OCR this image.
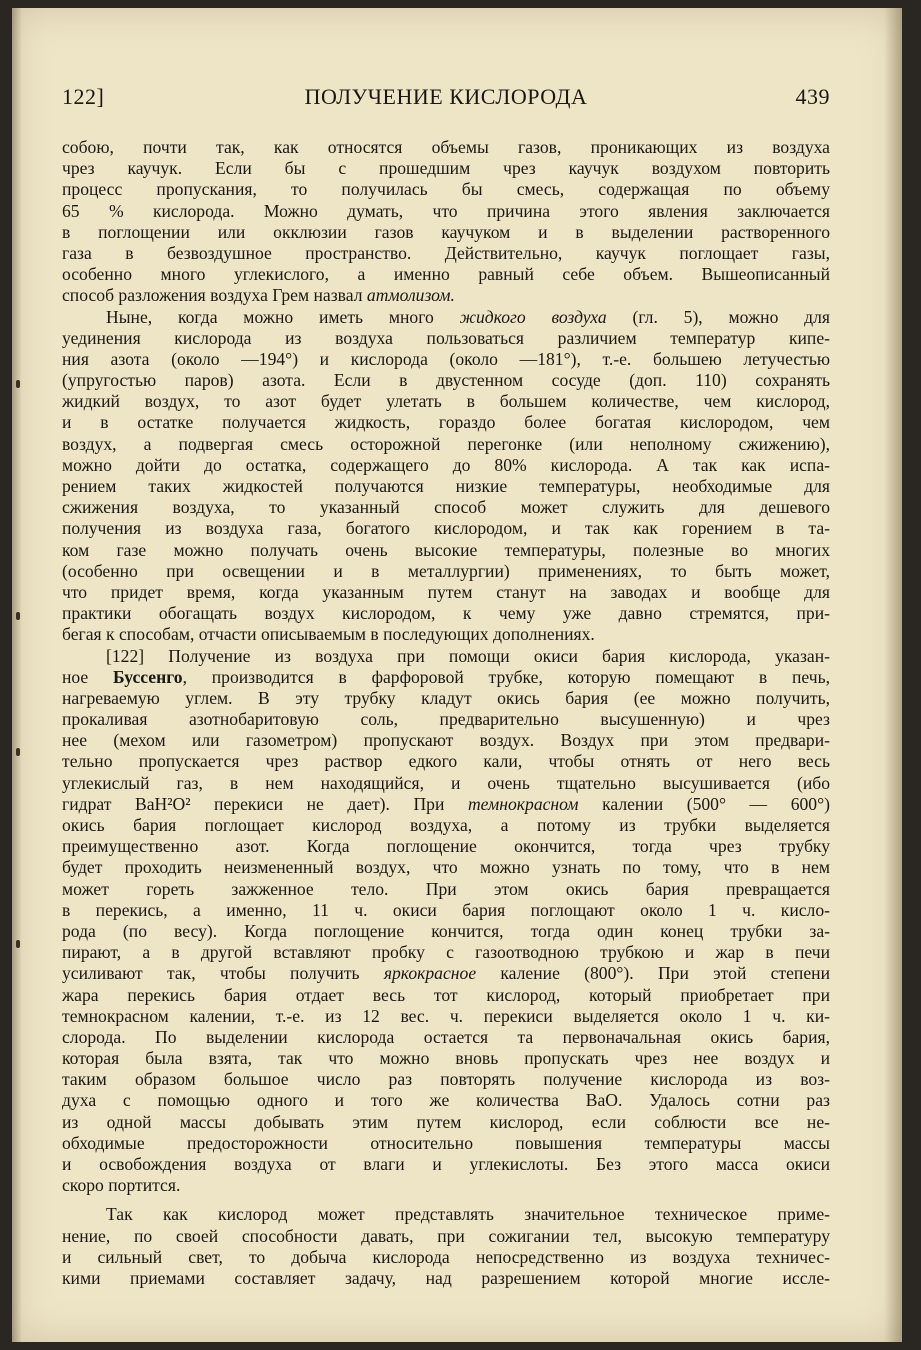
122]	ПОЛУЧЕНИЕ КИСЛОРОДА	439
собою, почти так, как относятся объемы газов, проникающих из воздуха
чрез каучук. Если бы с прошедшим чрез каучук воздухом повторить
процесс пропускания, то получилась бы смесь, содержащая по объему
65 % кислорода. Можно думать, что причина этого явления заключается
в поглощении или окклюзии газов каучуком и в выделении растворенного
газа в безвоздушное пространство. Действительно, каучук поглощает газы,
особенно много углекислого, а именно равный себе объем. Вышеописанный
способ разложения воздуха Грем назвал атмолизом.
Ныне, когда можно иметь много жидкого воздуха (гл. 5), можно для
уединения кислорода из воздуха пользоваться различием температур кипе-
ния азота (около —194°) и кислорода (около —181°), т.-е. большею летучестью
(упругостью паров) азота. Если в двустенном сосуде (доп. 110) сохранять
жидкий воздух, то азот будет улетать в большем количестве, чем кислород,
и в остатке получается жидкость, гораздо более богатая кислородом, чем
воздух, а подвергая смесь осторожной перегонке (или неполному сжижению),
можно дойти до остатка, содержащего до 80% кислорода. А так как испа-
рением таких жидкостей получаются низкие температуры, необходимые для
сжижения воздуха, то указанный способ может служить для дешевого
получения из воздуха газа, богатого кислородом, и так как горением в та-
ком газе можно получать очень высокие температуры, полезные во многих
(особенно при освещении и в металлургии) применениях, то быть может,
что придет время, когда указанным путем станут на заводах и вообще для
практики обогащать воздух кислородом, к чему уже давно стремятся, при-
бегая к способам, отчасти описываемым в последующих дополнениях.
[122] Получение из воздуха при помощи окиси бария кислорода, указан-
ное Буссенго, производится в фарфоровой трубке, которую помещают в печь,
нагреваемую углем. В эту трубку кладут окись бария (ее можно получить,
прокаливая азотнобаритовую соль, предварительно высушенную) и чрез
нее (мехом или газометром) пропускают воздух. Воздух при этом предвари-
тельно пропускается чрез раствор едкого кали, чтобы отнять от него весь
углекислый газ, в нем находящийся, и очень тщательно высушивается (ибо
гидрат BaH²O² перекиси не дает). При темнокрасном калении (500° — 600°)
окись бария поглощает кислород воздуха, а потому из трубки выделяется
преимущественно азот. Когда поглощение окончится, тогда чрез трубку
будет проходить неизмененный воздух, что можно узнать по тому, что в нем
может гореть зажженное тело. При этом окись бария превращается
в перекись, а именно, 11 ч. окиси бария поглощают около 1 ч. кисло-
рода (по весу). Когда поглощение кончится, тогда один конец трубки за-
пирают, а в другой вставляют пробку с газоотводною трубкою и жар в печи
усиливают так, чтобы получить яркокрасное каление (800°). При этой степени
жара перекись бария отдает весь тот кислород, который приобретает при
темнокрасном калении, т.-е. из 12 вес. ч. перекиси выделяется около 1 ч. ки-
слорода. По выделении кислорода остается та первоначальная окись бария,
которая была взята, так что можно вновь пропускать чрез нее воздух и
таким образом большое число раз повторять получение кислорода из воз-
духа с помощью одного и того же количества BaO. Удалось сотни раз
из одной массы добывать этим путем кислород, если соблюсти все не-
обходимые предосторожности относительно повышения температуры массы
и освобождения воздуха от влаги и углекислоты. Без этого масса окиси
скоро портится.
Так как кислород может представлять значительное техническое приме-
нение, по своей способности давать, при сожигании тел, высокую температуру
и сильный свет, то добыча кислорода непосредственно из воздуха техничес-
кими приемами составляет задачу, над разрешением которой многие иссле-
